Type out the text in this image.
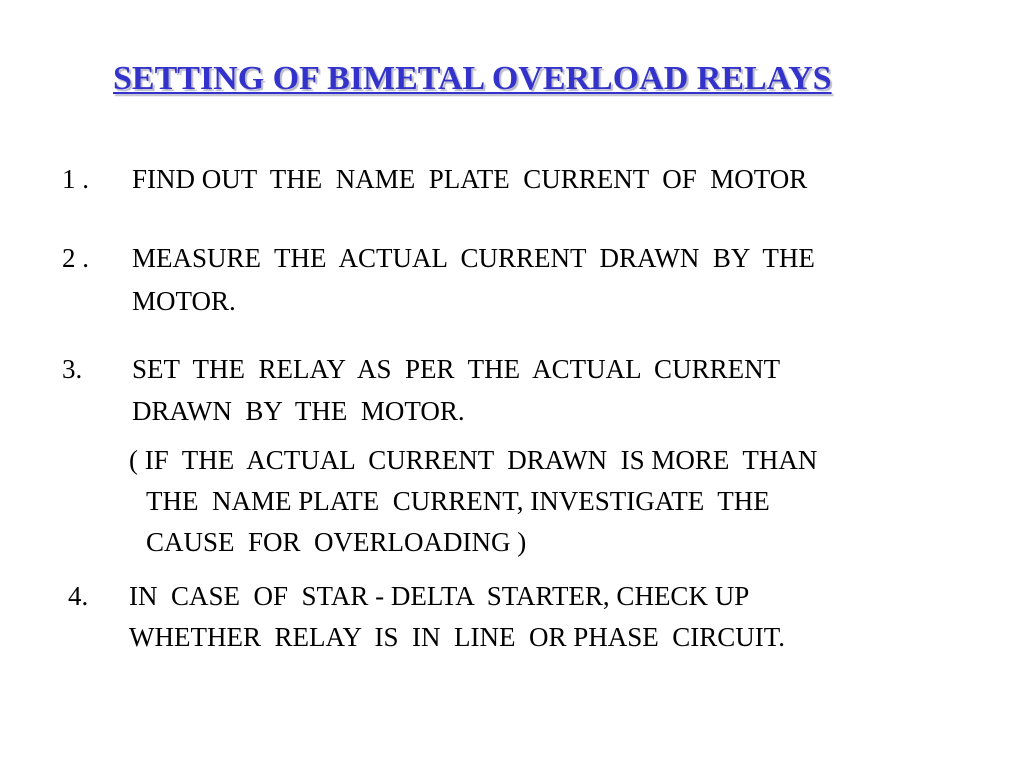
SETTING OF BIMETAL OVERLOAD RELAYS
1 . FIND OUT  THE  NAME  PLATE  CURRENT  OF  MOTOR
2 . MEASURE  THE  ACTUAL  CURRENT  DRAWN  BY  THE
MOTOR.
3. SET  THE  RELAY  AS  PER  THE  ACTUAL  CURRENT
DRAWN  BY  THE  MOTOR.
( IF  THE  ACTUAL  CURRENT  DRAWN  IS MORE  THAN
THE  NAME PLATE  CURRENT, INVESTIGATE  THE
CAUSE  FOR  OVERLOADING )
4. IN  CASE  OF  STAR - DELTA  STARTER, CHECK UP
WHETHER  RELAY  IS  IN  LINE  OR PHASE  CIRCUIT.
